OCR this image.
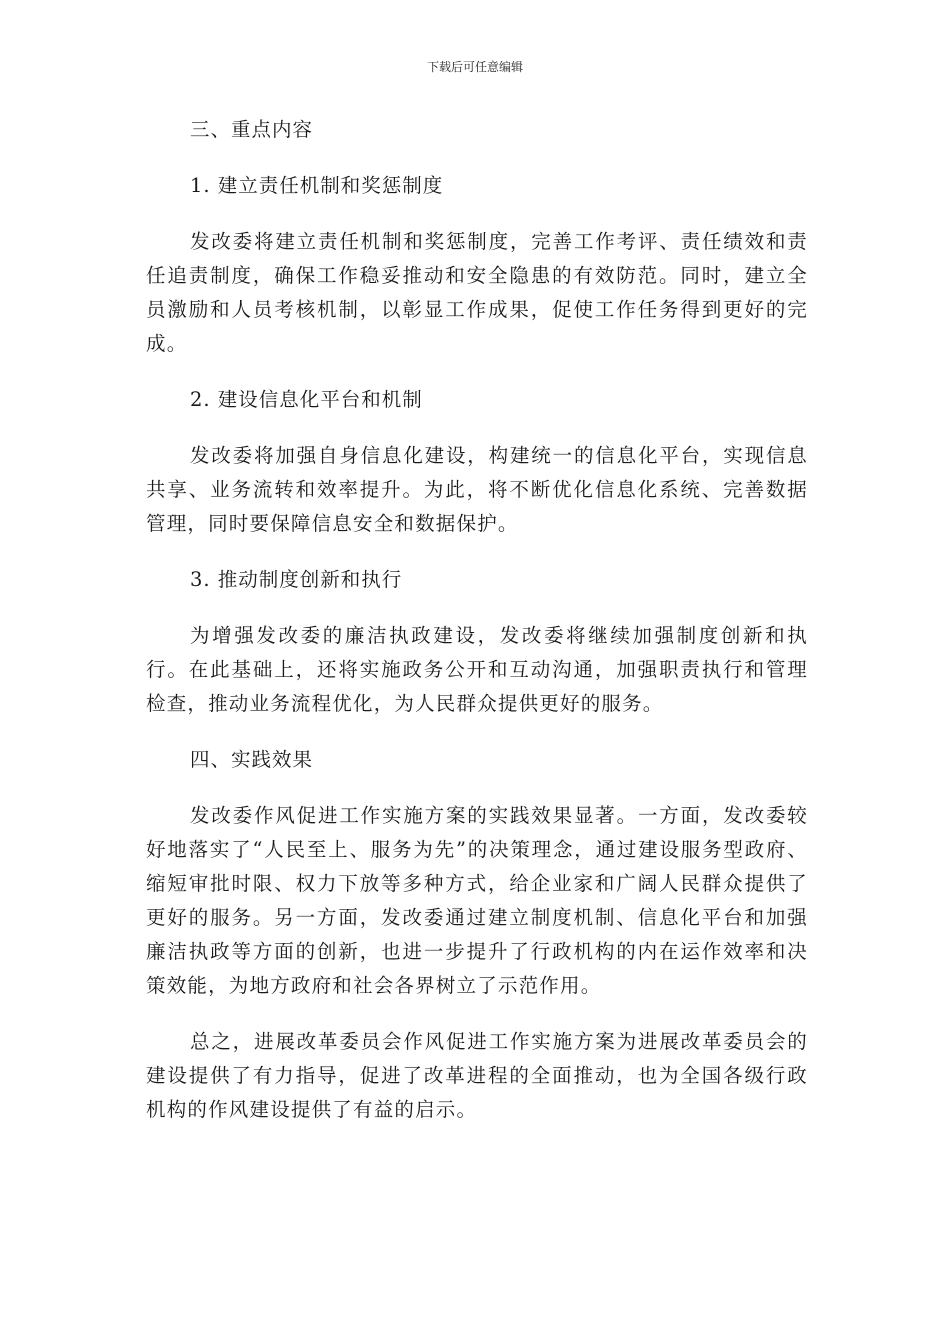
下载后可任意编辑

三、重点内容

1. 建立责任机制和奖惩制度

发改委将建立责任机制和奖惩制度，完善工作考评、责任绩效和责任追责制度，确保工作稳妥推动和安全隐患的有效防范。同时，建立全员激励和人员考核机制，以彰显工作成果，促使工作任务得到更好的完成。

2. 建设信息化平台和机制

发改委将加强自身信息化建设，构建统一的信息化平台，实现信息共享、业务流转和效率提升。为此，将不断优化信息化系统、完善数据管理，同时要保障信息安全和数据保护。

3. 推动制度创新和执行

为增强发改委的廉洁执政建设，发改委将继续加强制度创新和执行。在此基础上，还将实施政务公开和互动沟通，加强职责执行和管理检查，推动业务流程优化，为人民群众提供更好的服务。

四、实践效果

发改委作风促进工作实施方案的实践效果显著。一方面，发改委较好地落实了“人民至上、服务为先”的决策理念，通过建设服务型政府、缩短审批时限、权力下放等多种方式，给企业家和广阔人民群众提供了更好的服务。另一方面，发改委通过建立制度机制、信息化平台和加强廉洁执政等方面的创新，也进一步提升了行政机构的内在运作效率和决策效能，为地方政府和社会各界树立了示范作用。

总之，进展改革委员会作风促进工作实施方案为进展改革委员会的建设提供了有力指导，促进了改革进程的全面推动，也为全国各级行政机构的作风建设提供了有益的启示。
